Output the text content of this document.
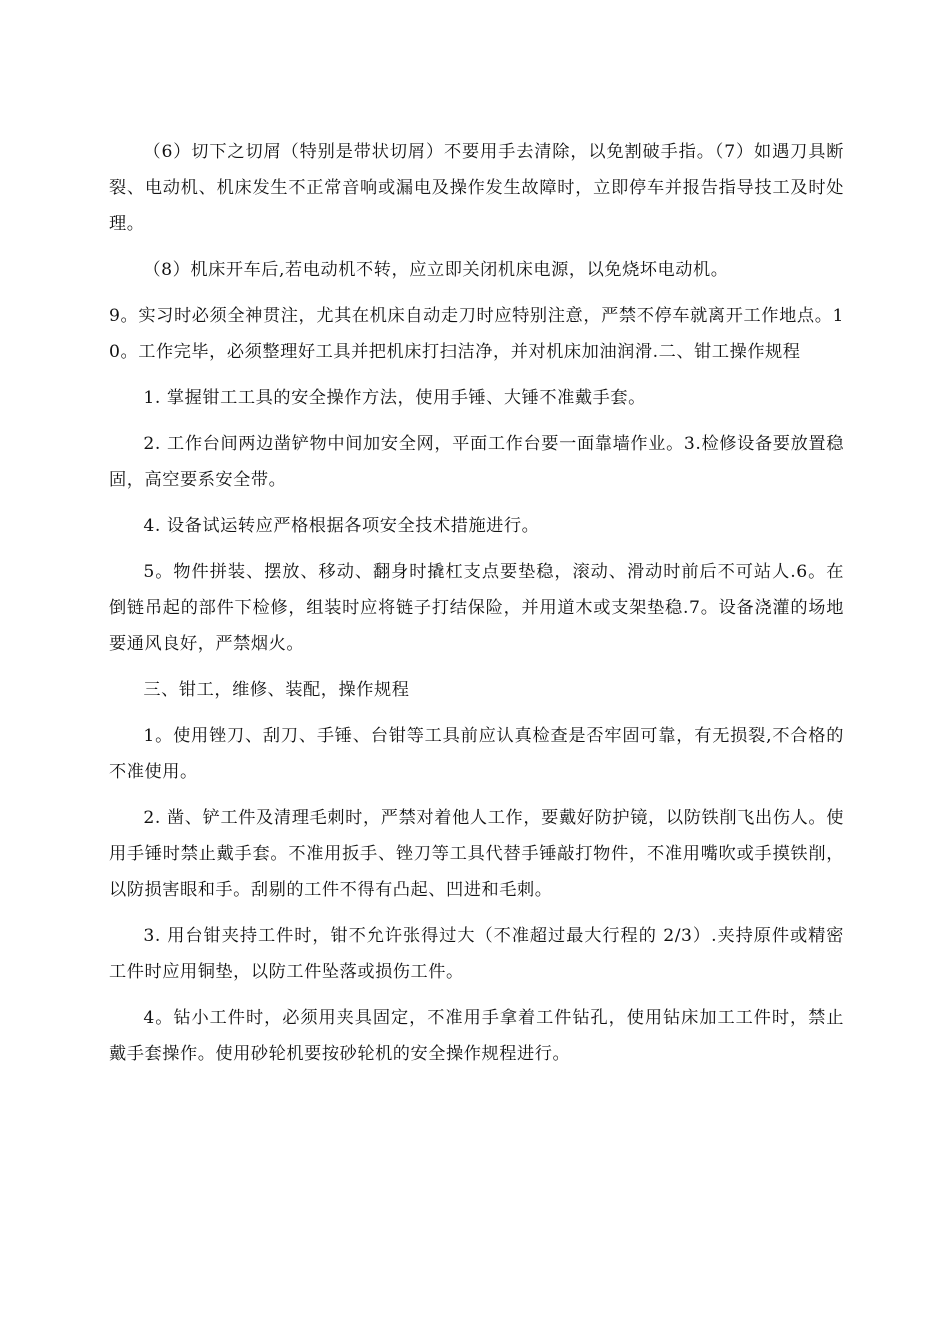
（6）切下之切屑（特别是带状切屑）不要用手去清除，以免割破手指。（7）如遇刀具断裂、电动机、机床发生不正常音响或漏电及操作发生故障时，立即停车并报告指导技工及时处理。

（8）机床开车后,若电动机不转，应立即关闭机床电源，以免烧坏电动机。

9。实习时必须全神贯注，尤其在机床自动走刀时应特别注意，严禁不停车就离开工作地点。10。工作完毕，必须整理好工具并把机床打扫洁净，并对机床加油润滑.二、钳工操作规程

1. 掌握钳工工具的安全操作方法，使用手锤、大锤不准戴手套。

2. 工作台间两边凿铲物中间加安全网，平面工作台要一面靠墙作业。3.检修设备要放置稳固，高空要系安全带。

4. 设备试运转应严格根据各项安全技术措施进行。

5。物件拼装、摆放、移动、翻身时撬杠支点要垫稳，滚动、滑动时前后不可站人.6。在倒链吊起的部件下检修，组装时应将链子打结保险，并用道木或支架垫稳.7。设备浇灌的场地要通风良好，严禁烟火。

三、钳工，维修、装配，操作规程

1。使用锉刀、刮刀、手锤、台钳等工具前应认真检查是否牢固可靠，有无损裂,不合格的不准使用。

2. 凿、铲工件及清理毛刺时，严禁对着他人工作，要戴好防护镜，以防铁削飞出伤人。使用手锤时禁止戴手套。不准用扳手、锉刀等工具代替手锤敲打物件，不准用嘴吹或手摸铁削，以防损害眼和手。刮剔的工件不得有凸起、凹进和毛刺。

3. 用台钳夹持工件时，钳不允许张得过大（不准超过最大行程的 2/3）.夹持原件或精密工件时应用铜垫，以防工件坠落或损伤工件。

4。钻小工件时，必须用夹具固定，不准用手拿着工件钻孔，使用钻床加工工件时，禁止戴手套操作。使用砂轮机要按砂轮机的安全操作规程进行。
